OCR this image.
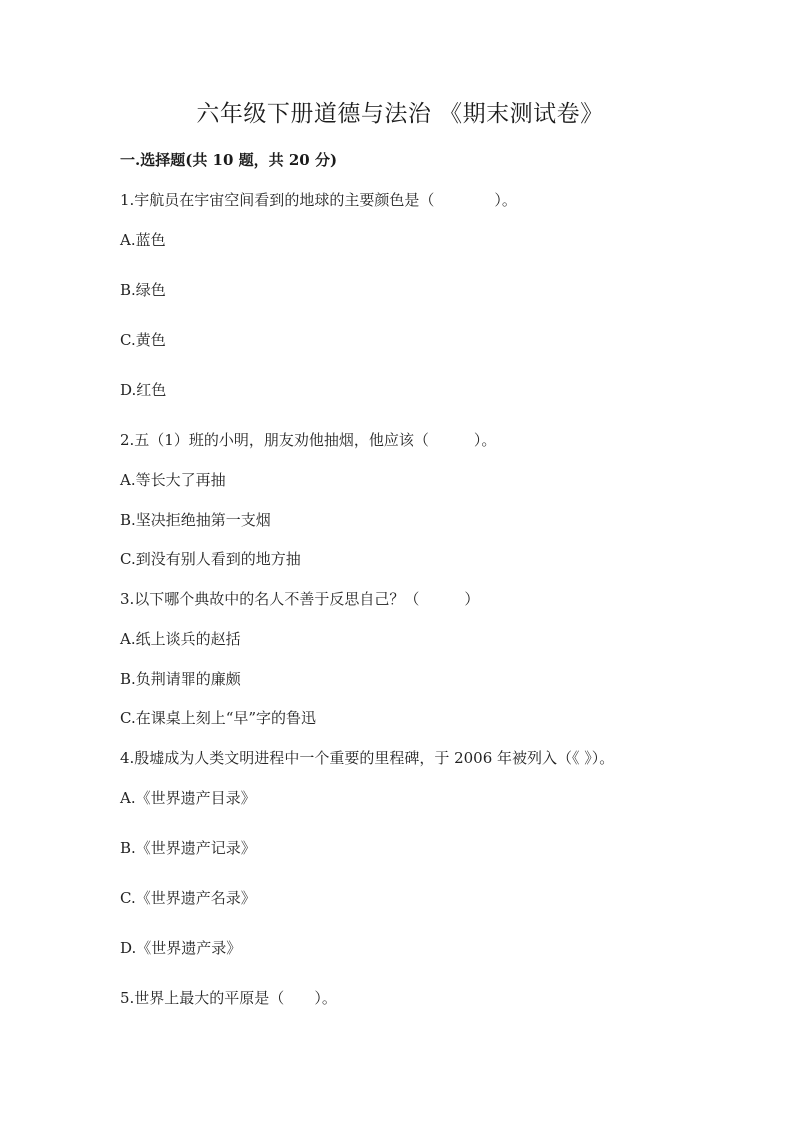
六年级下册道德与法治 《期末测试卷》
一.选择题(共 10 题，共 20 分)
1.宇航员在宇宙空间看到的地球的主要颜色是（　　　　）。
A.蓝色
B.绿色
C.黄色
D.红色
2.五（1）班的小明，朋友劝他抽烟，他应该（　　　）。
A.等长大了再抽
B.坚决拒绝抽第一支烟
C.到没有别人看到的地方抽
3.以下哪个典故中的名人不善于反思自己？（　　　）
A.纸上谈兵的赵括
B.负荆请罪的廉颇
C.在课桌上刻上“早”字的鲁迅
4.殷墟成为人类文明进程中一个重要的里程碑，于 2006 年被列入（《 》）。
A.《世界遗产目录》
B.《世界遗产记录》
C.《世界遗产名录》
D.《世界遗产录》
5.世界上最大的平原是（　　）。
